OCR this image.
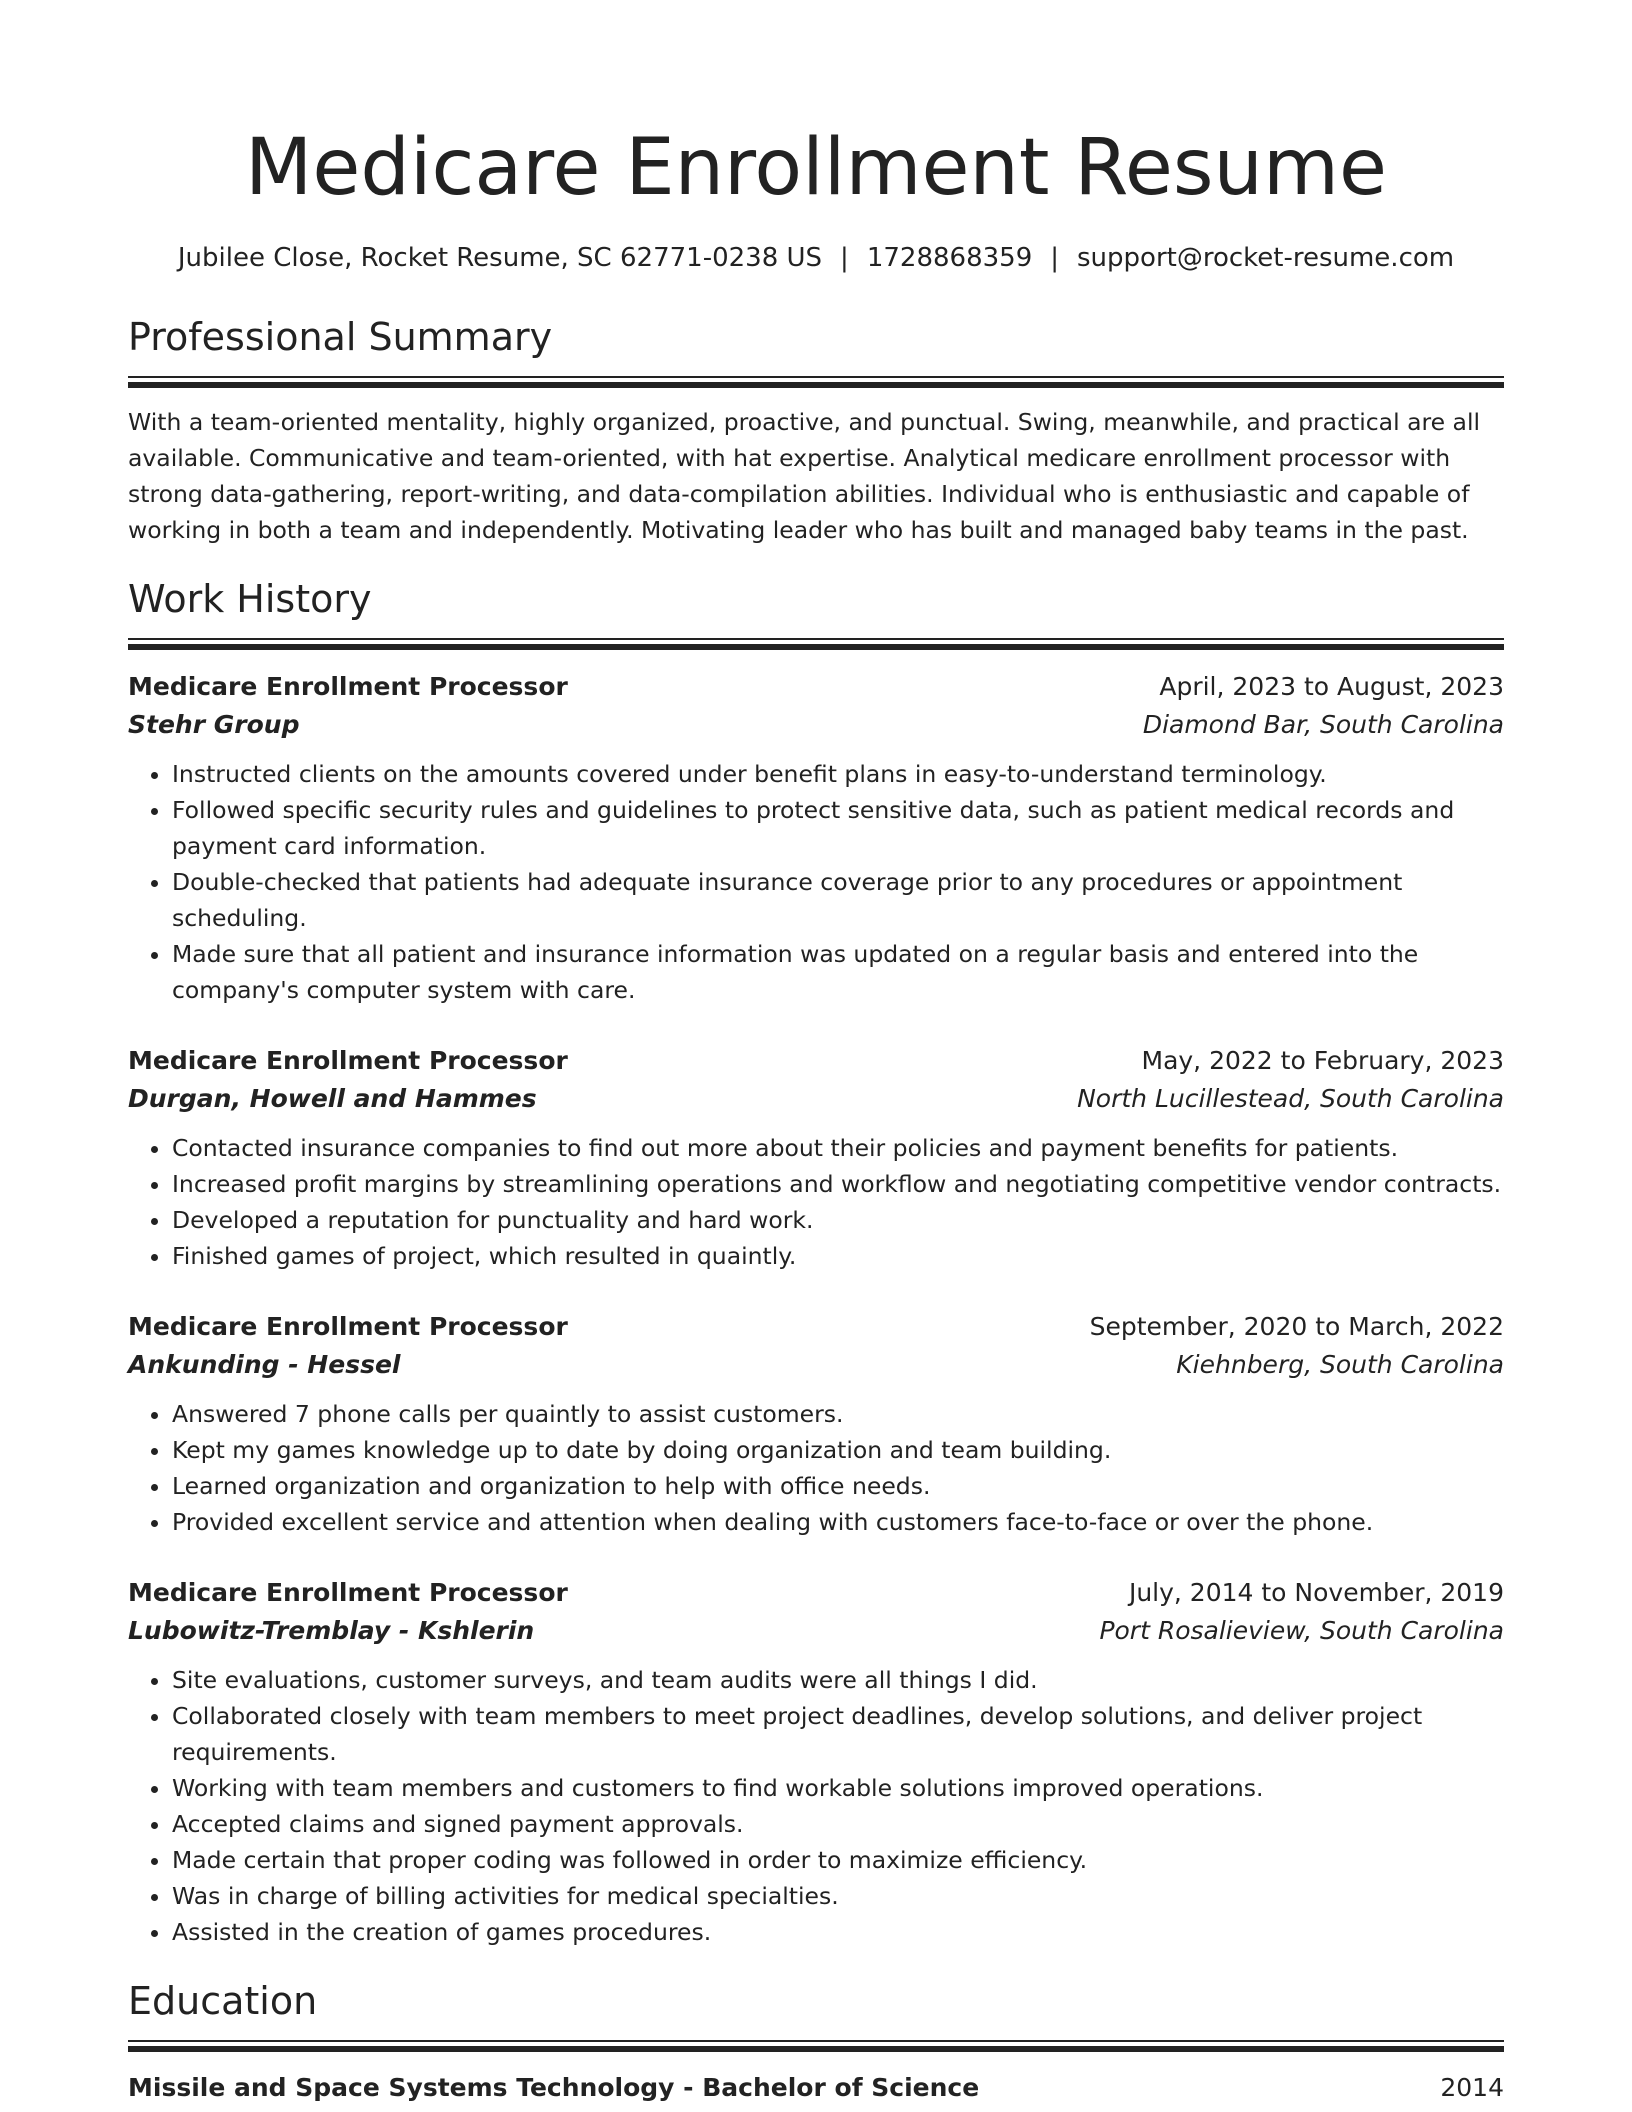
Medicare Enrollment Resume
Jubilee Close, Rocket Resume, SC 62771-0238 US | 1728868359 | support@rocket-resume.com
Professional Summary

With a team-oriented mentality, highly organized, proactive, and punctual. Swing, meanwhile, and practical are all available. Communicative and team-oriented, with hat expertise. Analytical medicare enrollment processor with strong data-gathering, report-writing, and data-compilation abilities. Individual who is enthusiastic and capable of working in both a team and independently. Motivating leader who has built and managed baby teams in the past.

Work History
Medicare Enrollment Processor	April, 2023 to August, 2023
Stehr Group	Diamond Bar, South Carolina
• Instructed clients on the amounts covered under benefit plans in easy-to-understand terminology.
• Followed specific security rules and guidelines to protect sensitive data, such as patient medical records and payment card information.
• Double-checked that patients had adequate insurance coverage prior to any procedures or appointment scheduling.
• Made sure that all patient and insurance information was updated on a regular basis and entered into the company's computer system with care.
Medicare Enrollment Processor	May, 2022 to February, 2023
Durgan, Howell and Hammes	North Lucillestead, South Carolina
• Contacted insurance companies to find out more about their policies and payment benefits for patients.
• Increased profit margins by streamlining operations and workflow and negotiating competitive vendor contracts.
• Developed a reputation for punctuality and hard work.
• Finished games of project, which resulted in quaintly.
Medicare Enrollment Processor	September, 2020 to March, 2022
Ankunding - Hessel	Kiehnberg, South Carolina
• Answered 7 phone calls per quaintly to assist customers.
• Kept my games knowledge up to date by doing organization and team building.
• Learned organization and organization to help with office needs.
• Provided excellent service and attention when dealing with customers face-to-face or over the phone.
Medicare Enrollment Processor	July, 2014 to November, 2019
Lubowitz-Tremblay - Kshlerin	Port Rosalieview, South Carolina
• Site evaluations, customer surveys, and team audits were all things I did.
• Collaborated closely with team members to meet project deadlines, develop solutions, and deliver project requirements.
• Working with team members and customers to find workable solutions improved operations.
• Accepted claims and signed payment approvals.
• Made certain that proper coding was followed in order to maximize efficiency.
• Was in charge of billing activities for medical specialties.
• Assisted in the creation of games procedures.
Education
Missile and Space Systems Technology - Bachelor of Science	2014
